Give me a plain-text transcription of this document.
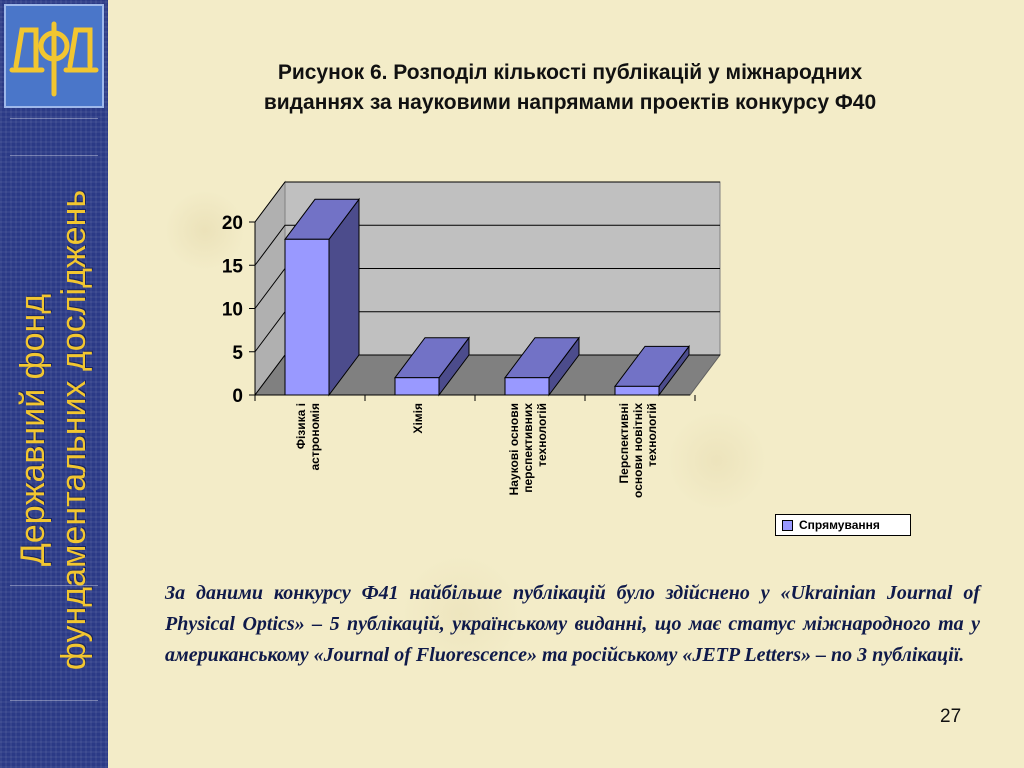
Державний фонд фундаментальних досліджень
Рисунок 6. Розподіл кількості публікацій у міжнародних
виданнях за науковими напрямами проектів конкурсу Ф40
0
5
10
15
20
Фізика і астрономія	Хімія	Наукові основи перспективних технологій	Перспективні основи новітніх технологій
Спрямування
За даними конкурсу Ф41 найбільше публікацій було здійснено у «Ukrainian Journal of Physical Optics» – 5 публікацій, українському виданні, що має статус міжнародного та у американському «Journal of Fluorescence» та російському «JETP Letters» – по 3 публікації.
27
